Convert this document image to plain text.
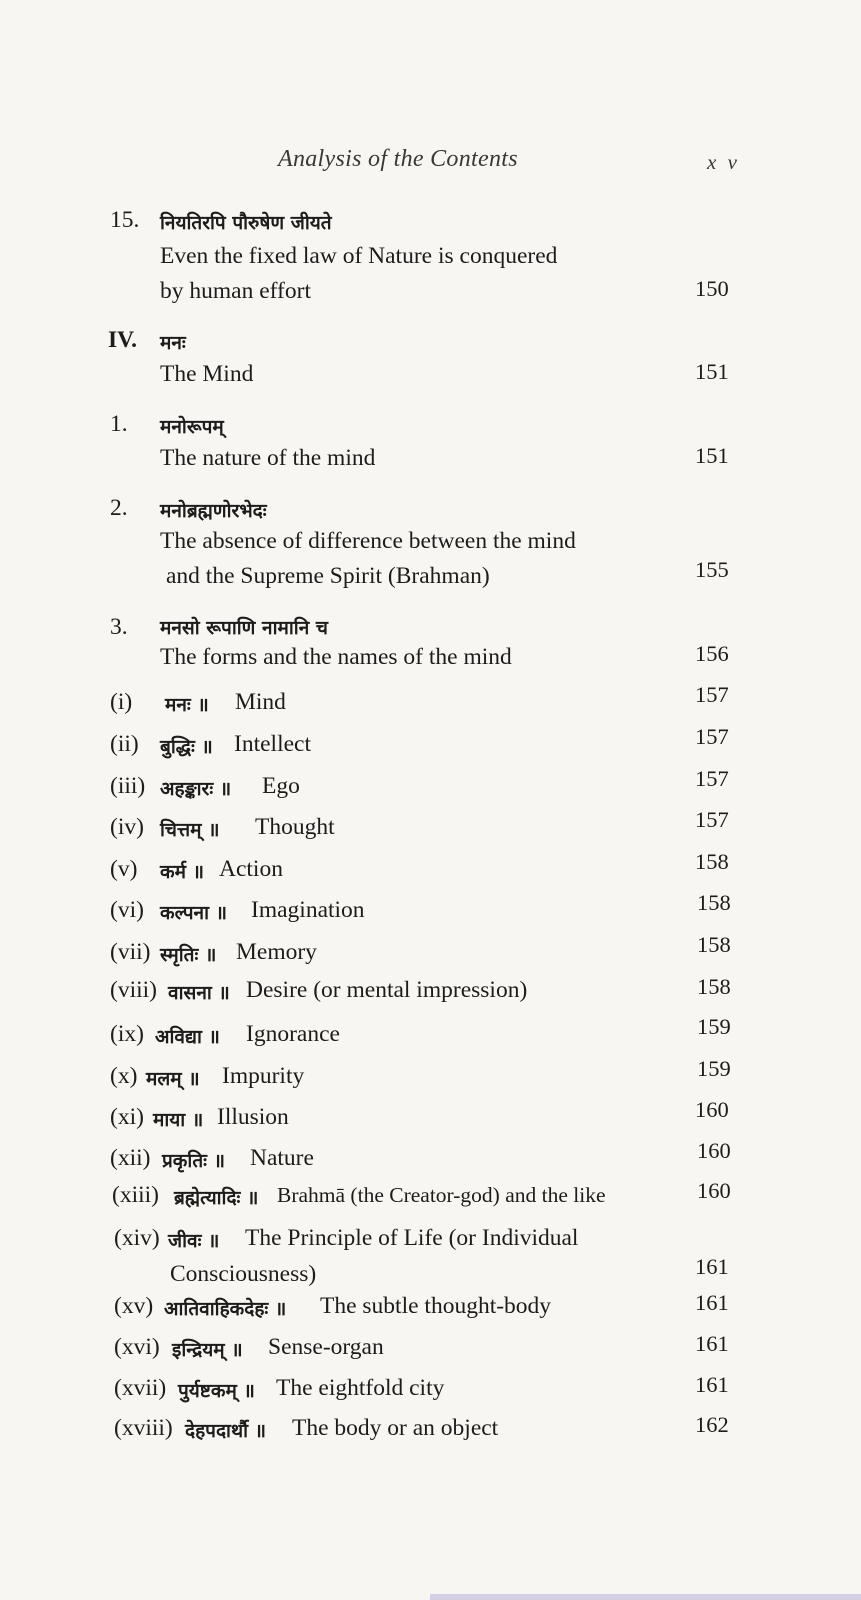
Analysis of the Contents	x v
15. नियतिरपि पौरुषेण जीयते
Even the fixed law of Nature is conquered
by human effort	150
IV. मनः
The Mind	151
1. मनोरूपम्
The nature of the mind	151
2. मनोब्रह्मणोरभेदः
The absence of difference between the mind
and the Supreme Spirit (Brahman)	155
3. मनसो रूपाणि नामानि च
The forms and the names of the mind	156
(i) मनः ॥ Mind	157
(ii) बुद्धिः ॥ Intellect	157
(iii) अहङ्कारः ॥ Ego	157
(iv) चित्तम् ॥ Thought	157
(v) कर्म ॥ Action	158
(vi) कल्पना ॥ Imagination	158
(vii) स्मृतिः ॥ Memory	158
(viii) वासना ॥ Desire (or mental impression)	158
(ix) अविद्या ॥ Ignorance	159
(x) मलम् ॥ Impurity	159
(xi) माया ॥ Illusion	160
(xii) प्रकृतिः ॥ Nature	160
(xiii) ब्रह्मेत्यादिः ॥ Brahmā (the Creator-god) and the like	160
(xiv) जीवः ॥ The Principle of Life (or Individual
Consciousness)	161
(xv) आतिवाहिकदेहः ॥ The subtle thought-body	161
(xvi) इन्द्रियम् ॥ Sense-organ	161
(xvii) पुर्यष्टकम् ॥ The eightfold city	161
(xviii) देहपदार्थौ ॥ The body or an object	162
